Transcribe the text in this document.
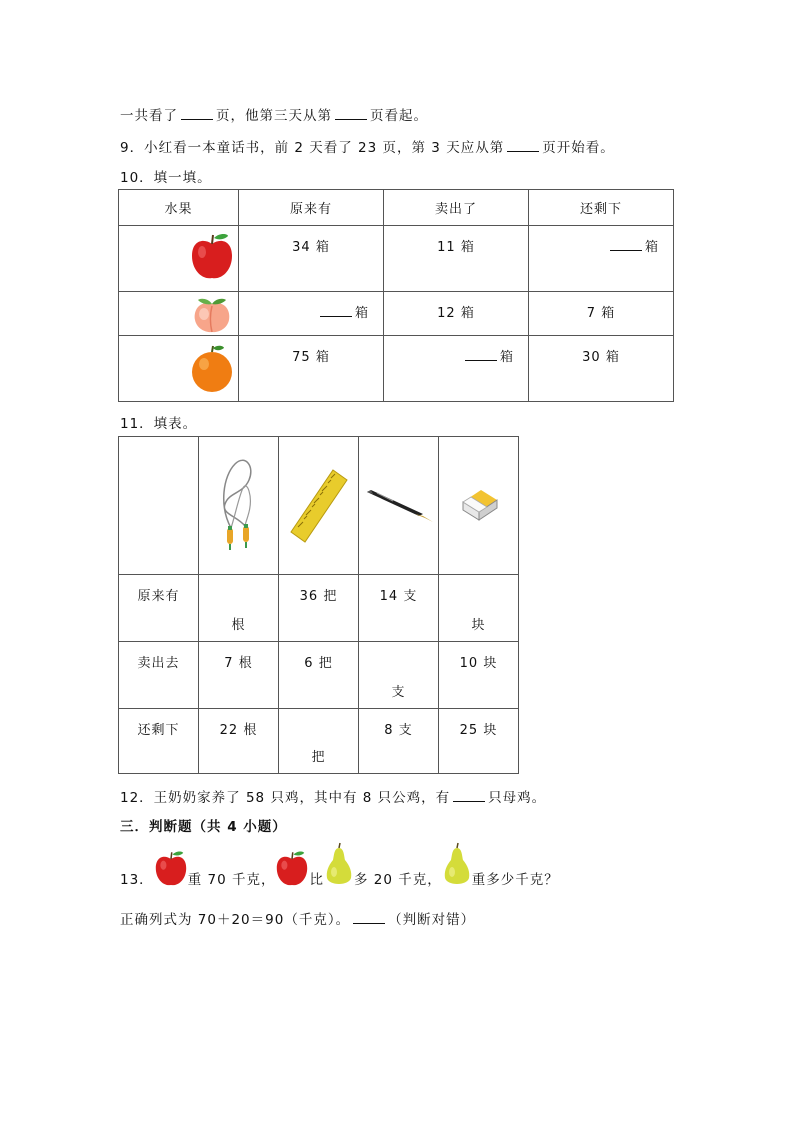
一共看了	页，他第三天从第	页看起。
9．小红看一本童话书，前 2 天看了 23 页，第 3 天应从第	页开始看。
10．填一填。
水果	原来有	卖出了	还剩下

34 箱	11 箱	箱

箱	12 箱	7 箱

75 箱	箱	30 箱
11．填表。

原来有	根	36 把	14 支	块

卖出去	7 根	6 把	支	10 块

还剩下	22 根	把	8 支	25 块
12．王奶奶家养了 58 只鸡，其中有 8 只公鸡，有	只母鸡。
三．判断题（共 4 小题）
13．	重 70 千克，	比 多 20 千克， 重多少千克？
正确列式为 70＋20＝90（千克）。	（判断对错）
